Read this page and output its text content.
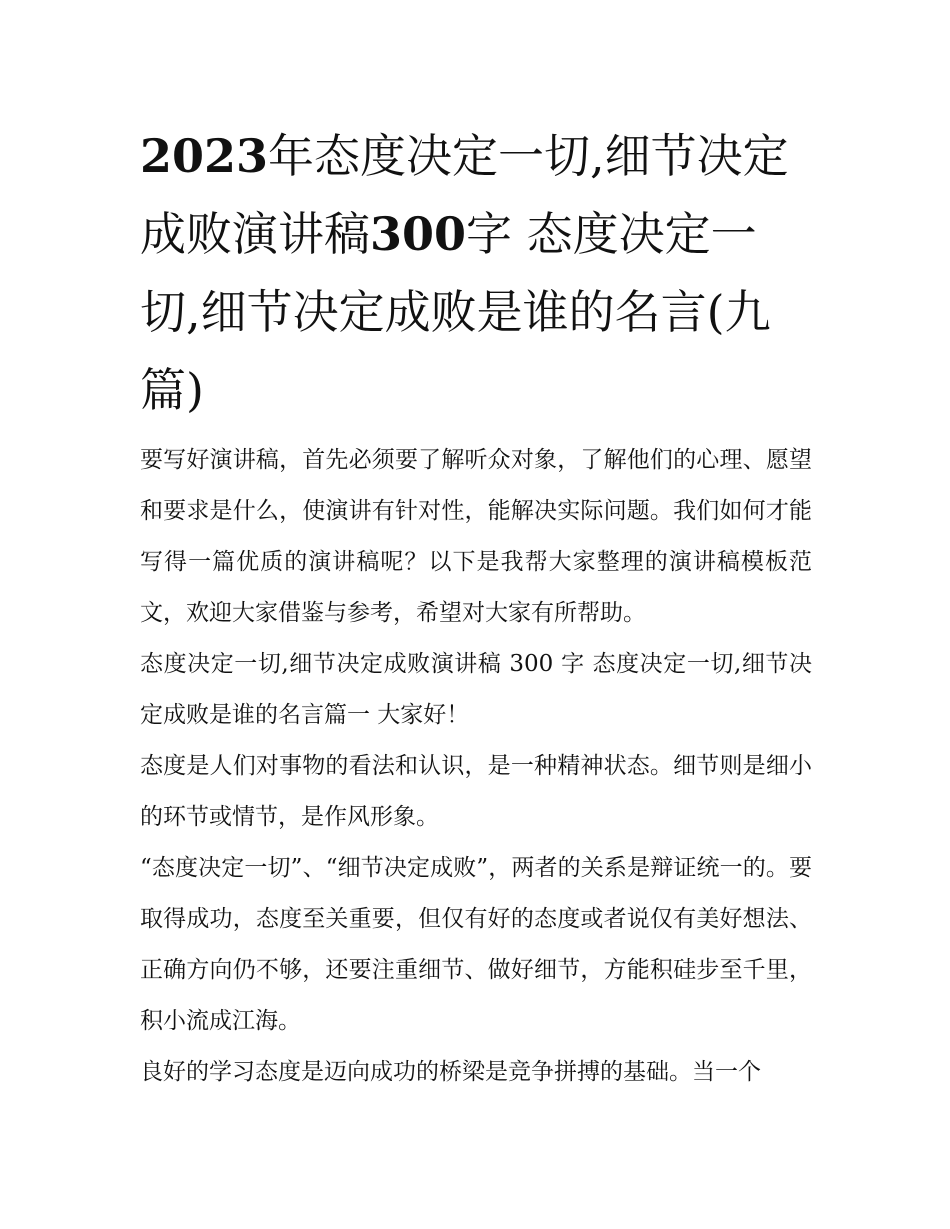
2023年态度决定一切,细节决定成败演讲稿300字 态度决定一切,细节决定成败是谁的名言(九篇)

要写好演讲稿，首先必须要了解听众对象，了解他们的心理、愿望和要求是什么，使演讲有针对性，能解决实际问题。我们如何才能写得一篇优质的演讲稿呢？以下是我帮大家整理的演讲稿模板范文，欢迎大家借鉴与参考，希望对大家有所帮助。

态度决定一切,细节决定成败演讲稿 300 字 态度决定一切,细节决定成败是谁的名言篇一 大家好！

态度是人们对事物的看法和认识，是一种精神状态。细节则是细小的环节或情节，是作风形象。

“态度决定一切”、“细节决定成败”，两者的关系是辩证统一的。要取得成功，态度至关重要，但仅有好的态度或者说仅有美好想法、正确方向仍不够，还要注重细节、做好细节，方能积硅步至千里，积小流成江海。

良好的学习态度是迈向成功的桥梁是竞争拼搏的基础。当一个
